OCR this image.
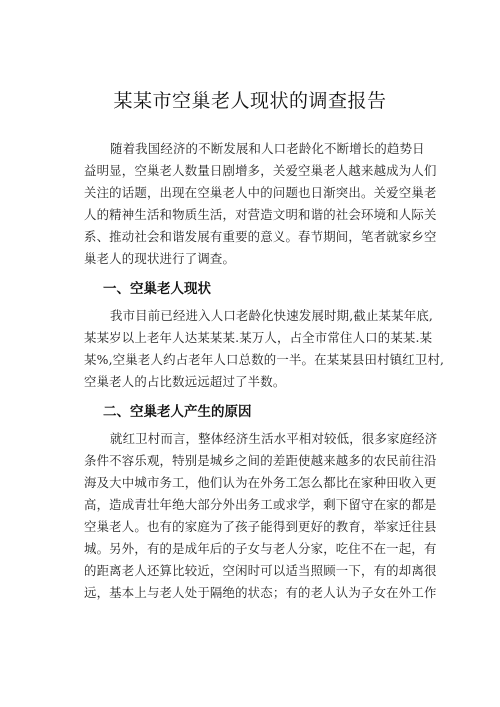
某某市空巢老人现状的调查报告
随着我国经济的不断发展和人口老龄化不断增长的趋势日
益明显，空巢老人数量日剧增多，关爱空巢老人越来越成为人们
关注的话题，出现在空巢老人中的问题也日渐突出。关爱空巢老
人的精神生活和物质生活，对营造文明和谐的社会环境和人际关
系、推动社会和谐发展有重要的意义。春节期间，笔者就家乡空
巢老人的现状进行了调查。
一、空巢老人现状
我市目前已经进入人口老龄化快速发展时期,截止某某年底,
某某岁以上老年人达某某某.某万人，占全市常住人口的某某.某
某%,空巢老人约占老年人口总数的一半。在某某县田村镇红卫村,
空巢老人的占比数远远超过了半数。
二、空巢老人产生的原因
就红卫村而言，整体经济生活水平相对较低，很多家庭经济
条件不容乐观，特别是城乡之间的差距使越来越多的农民前往沿
海及大中城市务工，他们认为在外务工怎么都比在家种田收入更
高，造成青壮年绝大部分外出务工或求学，剩下留守在家的都是
空巢老人。也有的家庭为了孩子能得到更好的教育，举家迁往县
城。另外，有的是成年后的子女与老人分家，吃住不在一起，有
的距离老人还算比较近，空闲时可以适当照顾一下，有的却离很
远，基本上与老人处于隔绝的状态；有的老人认为子女在外工作
